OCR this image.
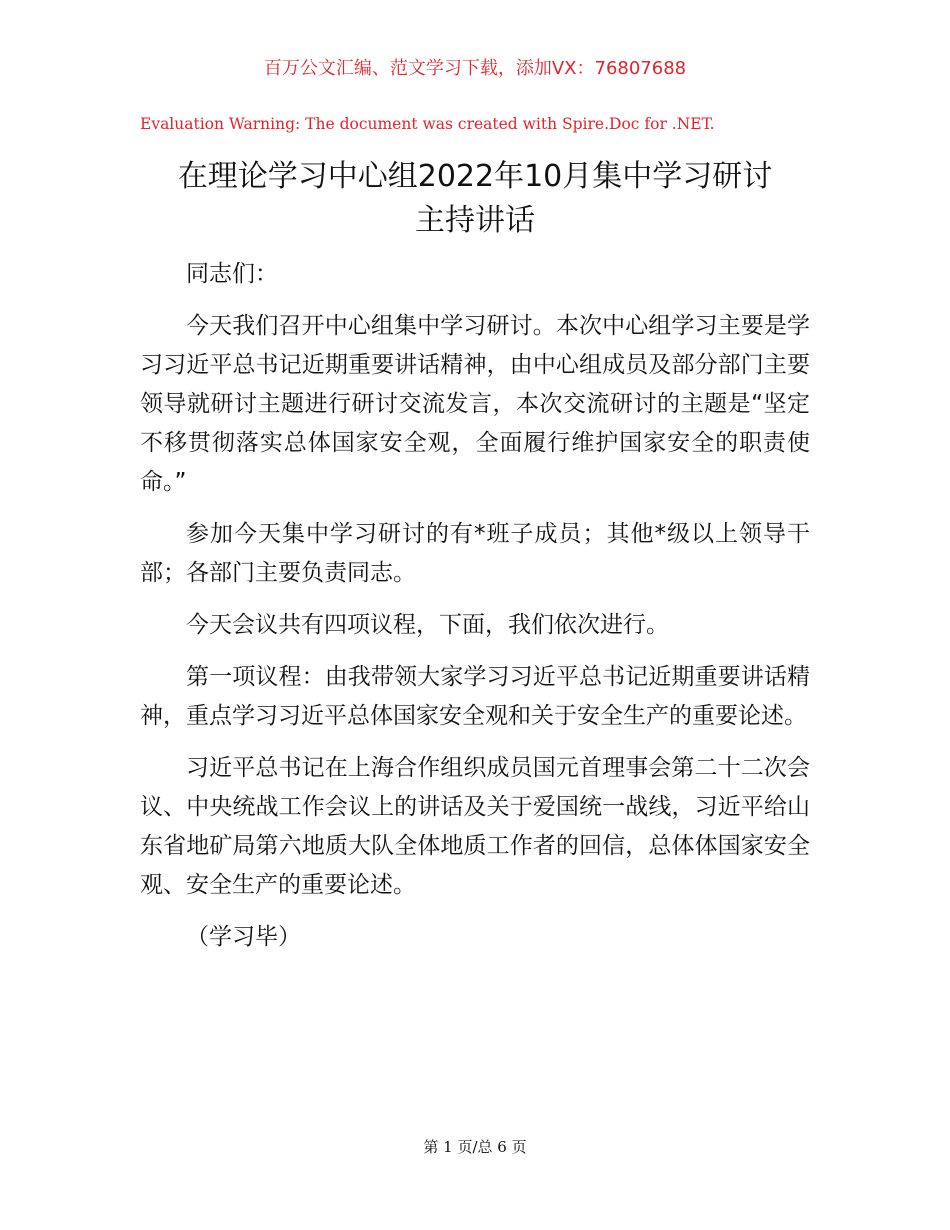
百万公文汇编、范文学习下载，添加VX：76807688
Evaluation Warning: The document was created with Spire.Doc for .NET.
在理论学习中心组2022年10月集中学习研讨
主持讲话

同志们：

今天我们召开中心组集中学习研讨。本次中心组学习主要是学习习近平总书记近期重要讲话精神，由中心组成员及部分部门主要领导就研讨主题进行研讨交流发言，本次交流研讨的主题是“坚定不移贯彻落实总体国家安全观，全面履行维护国家安全的职责使命。”

参加今天集中学习研讨的有*班子成员；其他*级以上领导干部；各部门主要负责同志。

今天会议共有四项议程，下面，我们依次进行。

第一项议程：由我带领大家学习习近平总书记近期重要讲话精神，重点学习习近平总体国家安全观和关于安全生产的重要论述。

习近平总书记在上海合作组织成员国元首理事会第二十二次会议、中央统战工作会议上的讲话及关于爱国统一战线，习近平给山东省地矿局第六地质大队全体地质工作者的回信，总体体国家安全观、安全生产的重要论述。

（学习毕）

第 1 页/总 6 页
